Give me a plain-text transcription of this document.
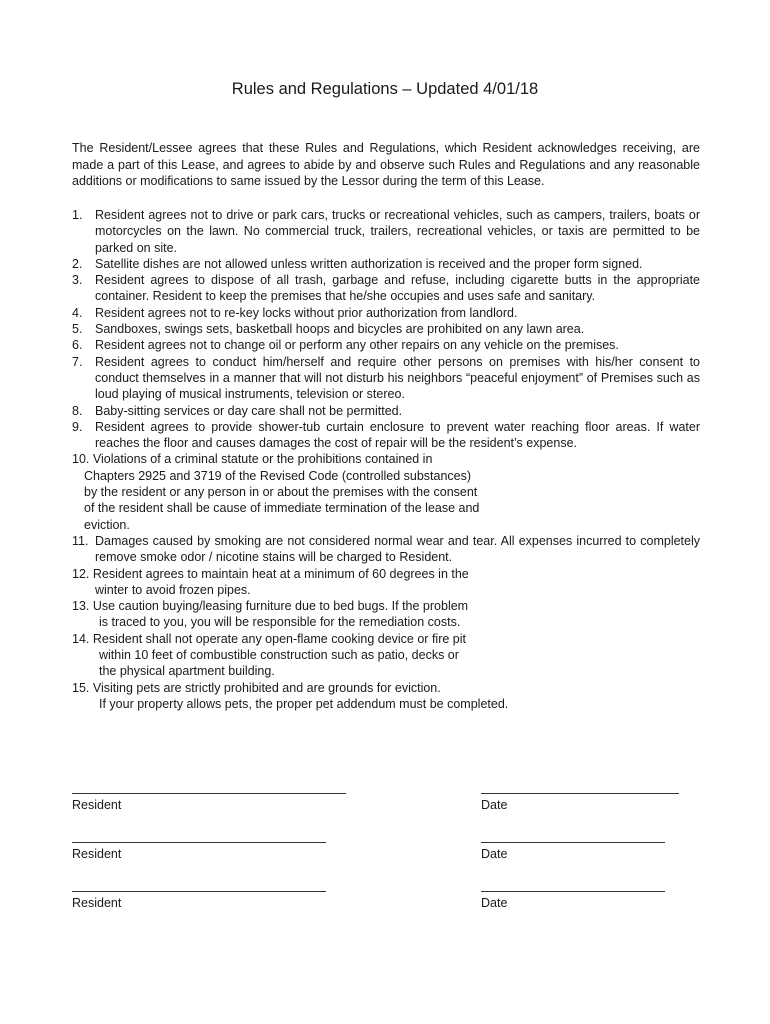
Rules and Regulations – Updated 4/01/18
The Resident/Lessee agrees that these Rules and Regulations, which Resident acknowledges receiving, are made a part of this Lease, and agrees to abide by and observe such Rules and Regulations and any reasonable additions or modifications to same issued by the Lessor during the term of this Lease.
1.	Resident agrees not to drive or park cars, trucks or recreational vehicles, such as campers, trailers, boats or motorcycles on the lawn. No commercial truck, trailers, recreational vehicles, or taxis are permitted to be parked on site.
2.	Satellite dishes are not allowed unless written authorization is received and the proper form signed.
3.	Resident agrees to dispose of all trash, garbage and refuse, including cigarette butts in the appropriate container. Resident to keep the premises that he/she occupies and uses safe and sanitary.
4.	Resident agrees not to re-key locks without prior authorization from landlord.
5.	Sandboxes, swings sets, basketball hoops and bicycles are prohibited on any lawn area.
6.	Resident agrees not to change oil or perform any other repairs on any vehicle on the premises.
7.	Resident agrees to conduct him/herself and require other persons on premises with his/her consent to conduct themselves in a manner that will not disturb his neighbors “peaceful enjoyment” of Premises such as loud playing of musical instruments, television or stereo.
8.	Baby-sitting services or day care shall not be permitted.
9.	Resident agrees to provide shower-tub curtain enclosure to prevent water reaching floor areas. If water reaches the floor and causes damages the cost of repair will be the resident’s expense.
10. Violations of a criminal statute or the prohibitions contained in
Chapters 2925 and 3719 of the Revised Code (controlled substances)
by the resident or any person in or about the premises with the consent
of the resident shall be cause of immediate termination of the lease and
eviction.
11. Damages caused by smoking are not considered normal wear and tear. All expenses incurred to completely remove smoke odor / nicotine stains will be charged to Resident.
12. Resident agrees to maintain heat at a minimum of 60 degrees in the
winter to avoid frozen pipes.
13. Use caution buying/leasing furniture due to bed bugs. If the problem
is traced to you, you will be responsible for the remediation costs.
14. Resident shall not operate any open-flame cooking device or fire pit
within 10 feet of combustible construction such as patio, decks or
the physical apartment building.
15. Visiting pets are strictly prohibited and are grounds for eviction.
If your property allows pets, the proper pet addendum must be completed.
Resident	Date
Resident	Date
Resident	Date
